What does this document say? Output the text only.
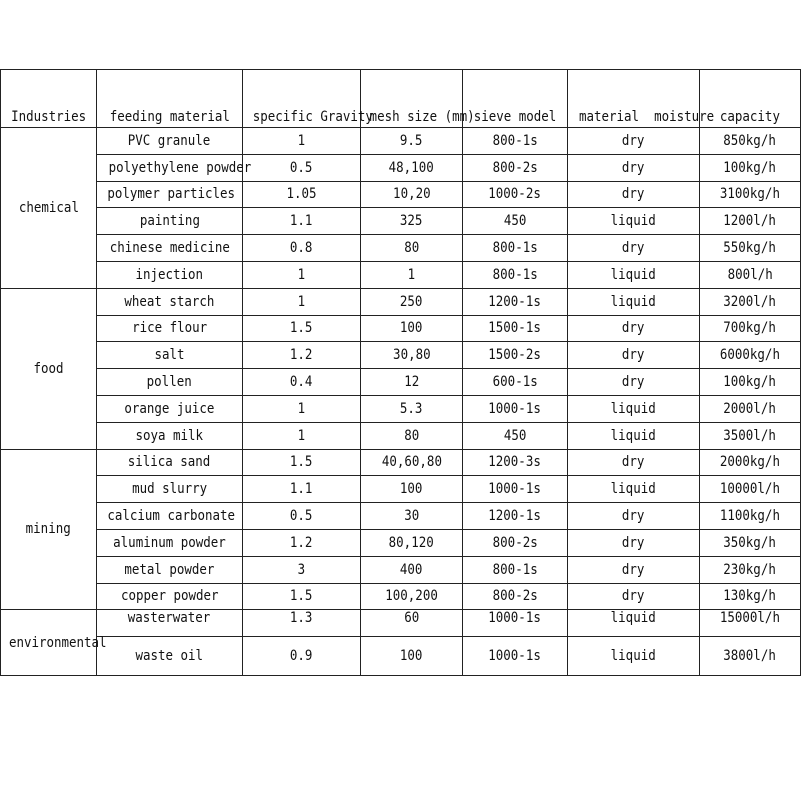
Industries	feeding material	specific Gravity	mesh size (mm)	sieve model	material  moisture	capacity
chemical	PVC granule	1	9.5	800-1s	dry	850kg/h
	polyethylene powder	0.5	48,100	800-2s	dry	100kg/h
	polymer particles	1.05	10,20	1000-2s	dry	3100kg/h
	painting	1.1	325	450	liquid	1200l/h
	chinese medicine	0.8	80	800-1s	dry	550kg/h
	injection	1	1	800-1s	liquid	800l/h
food	wheat starch	1	250	1200-1s	liquid	3200l/h
	rice flour	1.5	100	1500-1s	dry	700kg/h
	salt	1.2	30,80	1500-2s	dry	6000kg/h
	pollen	0.4	12	600-1s	dry	100kg/h
	orange juice	1	5.3	1000-1s	liquid	2000l/h
	soya milk	1	80	450	liquid	3500l/h
mining	silica sand	1.5	40,60,80	1200-3s	dry	2000kg/h
	mud slurry	1.1	100	1000-1s	liquid	10000l/h
	calcium carbonate	0.5	30	1200-1s	dry	1100kg/h
	aluminum powder	1.2	80,120	800-2s	dry	350kg/h
	metal powder	3	400	800-1s	dry	230kg/h
	copper powder	1.5	100,200	800-2s	dry	130kg/h
environmental	wasterwater	1.3	60	1000-1s	liquid	15000l/h
	waste oil	0.9	100	1000-1s	liquid	3800l/h
